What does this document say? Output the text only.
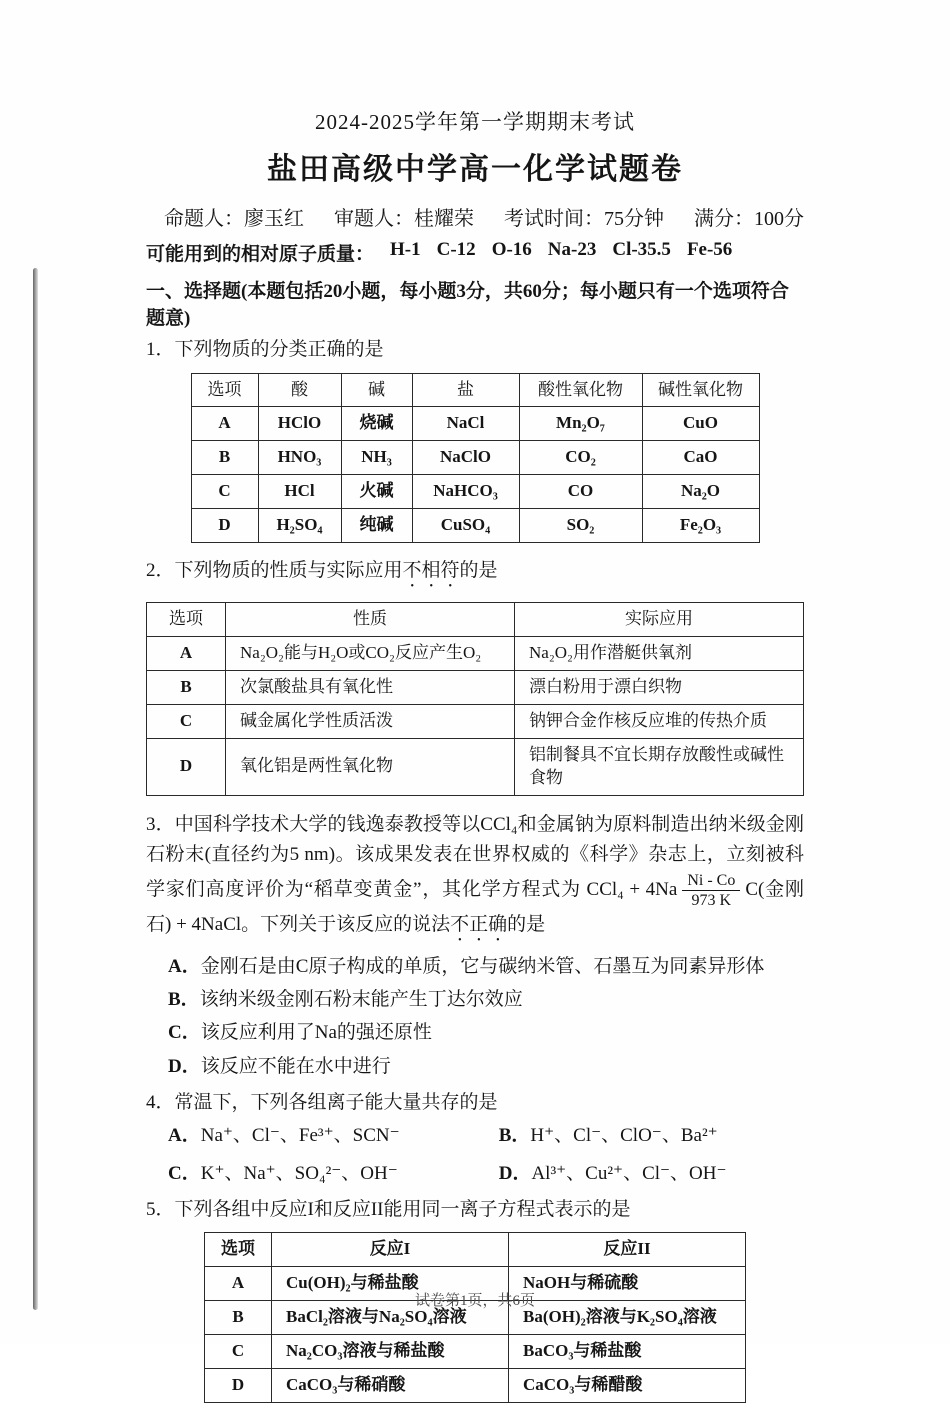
2024-2025学年第一学期期末考试
盐田高级中学高一化学试题卷
命题人：廖玉红 审题人：桂耀荣 考试时间：75分钟 满分：100分
可能用到的相对原子质量： H-1 C-12 O-16 Na-23 Cl-35.5 Fe-56
一、选择题(本题包括20小题，每小题3分，共60分；每小题只有一个选项符合题意)
1．下列物质的分类正确的是
选项	酸	碱	盐	酸性氧化物	碱性氧化物
A	HClO	烧碱	NaCl	Mn₂O₇	CuO
B	HNO₃	NH₃	NaClO	CO₂	CaO
C	HCl	火碱	NaHCO₃	CO	Na₂O
D	H₂SO₄	纯碱	CuSO₄	SO₂	Fe₂O₃
2．下列物质的性质与实际应用不相符的是
选项	性质	实际应用
A	Na₂O₂能与H₂O或CO₂反应产生O₂	Na₂O₂用作潜艇供氧剂
B	次氯酸盐具有氧化性	漂白粉用于漂白织物
C	碱金属化学性质活泼	钠钾合金作核反应堆的传热介质
D	氧化铝是两性氧化物	铝制餐具不宜长期存放酸性或碱性食物
3．中国科学技术大学的钱逸泰教授等以CCl₄和金属钠为原料制造出纳米级金刚石粉末(直径约为5 nm)。该成果发表在世界权威的《科学》杂志上，立刻被科学家们高度评价为“稻草变黄金”，其化学方程式为 $CCl_4 + 4Na \frac{Ni - Co}{973 K} C$(金刚石) + 4NaCl。下列关于该反应的说法不正确的是
A．金刚石是由C原子构成的单质，它与碳纳米管、石墨互为同素异形体
B．该纳米级金刚石粉末能产生丁达尔效应
C．该反应利用了Na的强还原性
D．该反应不能在水中进行
4．常温下，下列各组离子能大量共存的是
A．Na⁺、Cl⁻、Fe³⁺、SCN⁻	B．H⁺、Cl⁻、ClO⁻、Ba²⁺
C．K⁺、Na⁺、SO₄²⁻、OH⁻	D．Al³⁺、Cu²⁺、Cl⁻、OH⁻
5．下列各组中反应I和反应II能用同一离子方程式表示的是
选项	反应I	反应II
A	Cu(OH)₂与稀盐酸	NaOH与稀硫酸
B	BaCl₂溶液与Na₂SO₄溶液	Ba(OH)₂溶液与K₂SO₄溶液
C	Na₂CO₃溶液与稀盐酸	BaCO₃与稀盐酸
D	CaCO₃与稀硝酸	CaCO₃与稀醋酸
试卷第1页，共6页
